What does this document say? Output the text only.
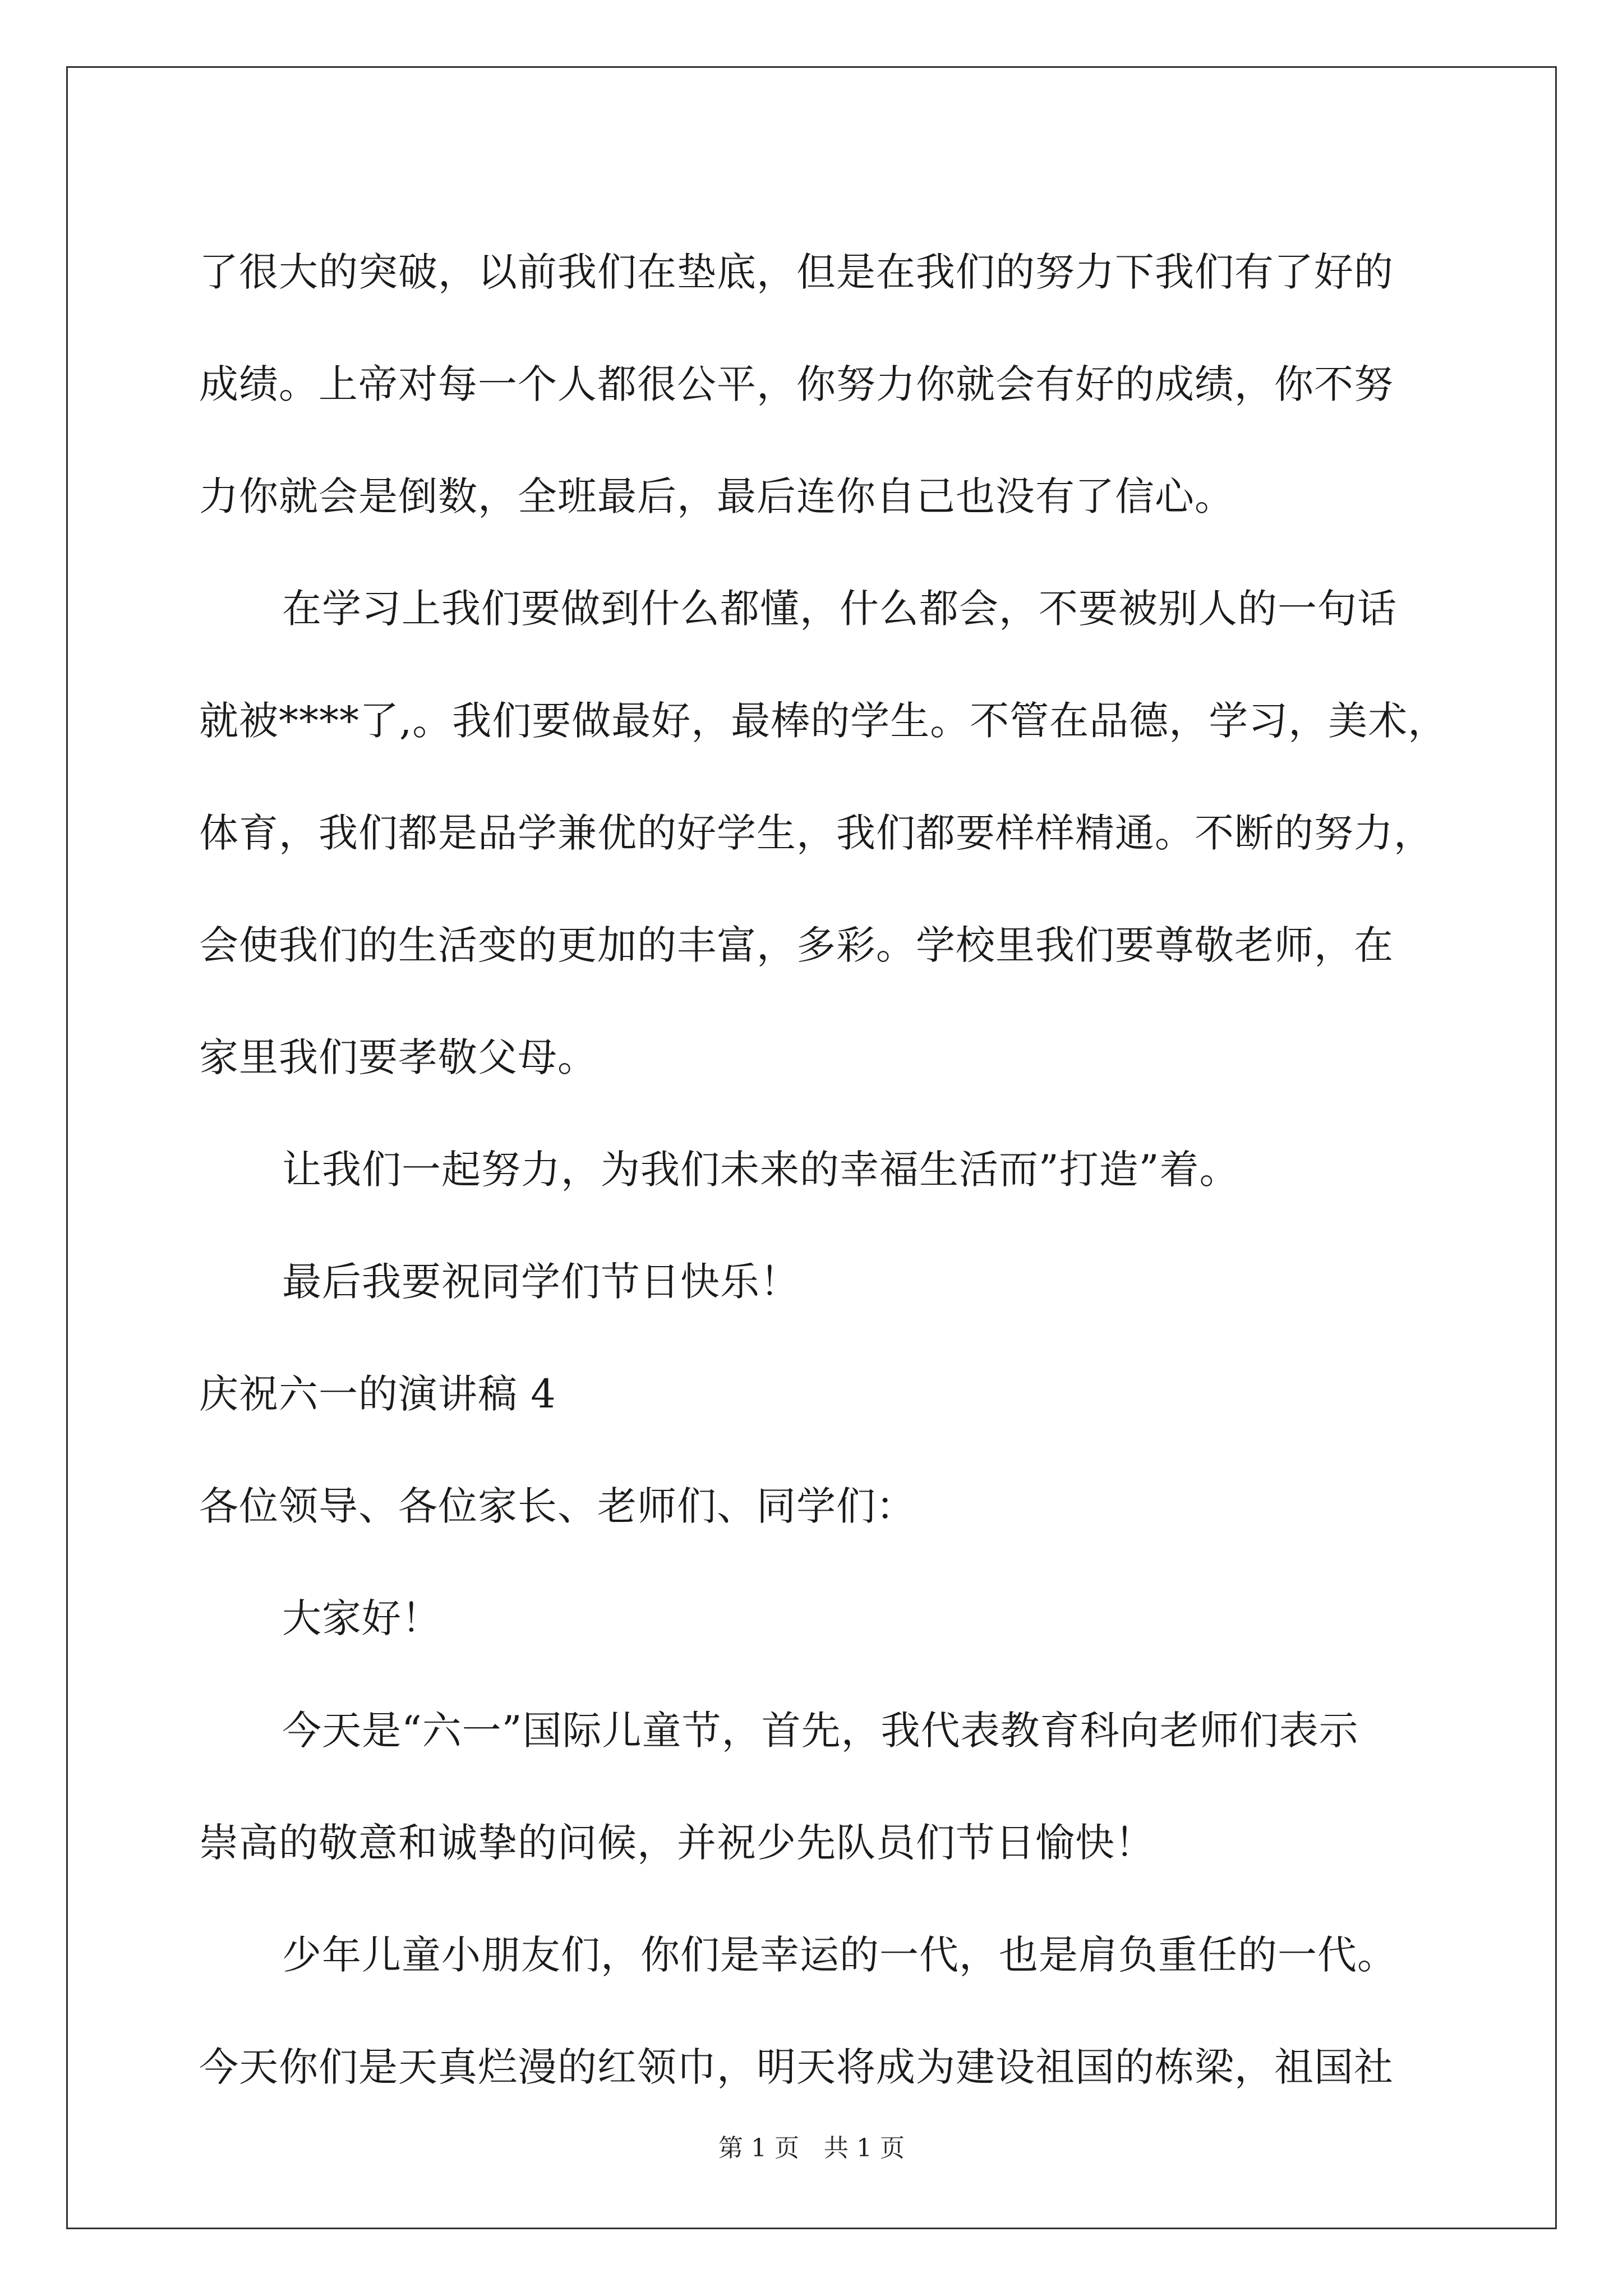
了很大的突破，以前我们在垫底，但是在我们的努力下我们有了好的
成绩。上帝对每一个人都很公平，你努力你就会有好的成绩，你不努
力你就会是倒数，全班最后，最后连你自己也没有了信心。
在学习上我们要做到什么都懂，什么都会，不要被别人的一句话
就被****了,。我们要做最好，最棒的学生。不管在品德，学习，美术，
体育，我们都是品学兼优的好学生，我们都要样样精通。不断的努力，
会使我们的生活变的更加的丰富，多彩。学校里我们要尊敬老师，在
家里我们要孝敬父母。
让我们一起努力，为我们未来的幸福生活而”打造”着。
最后我要祝同学们节日快乐！
庆祝六一的演讲稿 4
各位领导、各位家长、老师们、同学们：
大家好！
今天是“六一”国际儿童节，首先，我代表教育科向老师们表示
崇高的敬意和诚挚的问候，并祝少先队员们节日愉快！
少年儿童小朋友们，你们是幸运的一代，也是肩负重任的一代。
今天你们是天真烂漫的红领巾，明天将成为建设祖国的栋梁，祖国社
第 1 页　共 1 页
